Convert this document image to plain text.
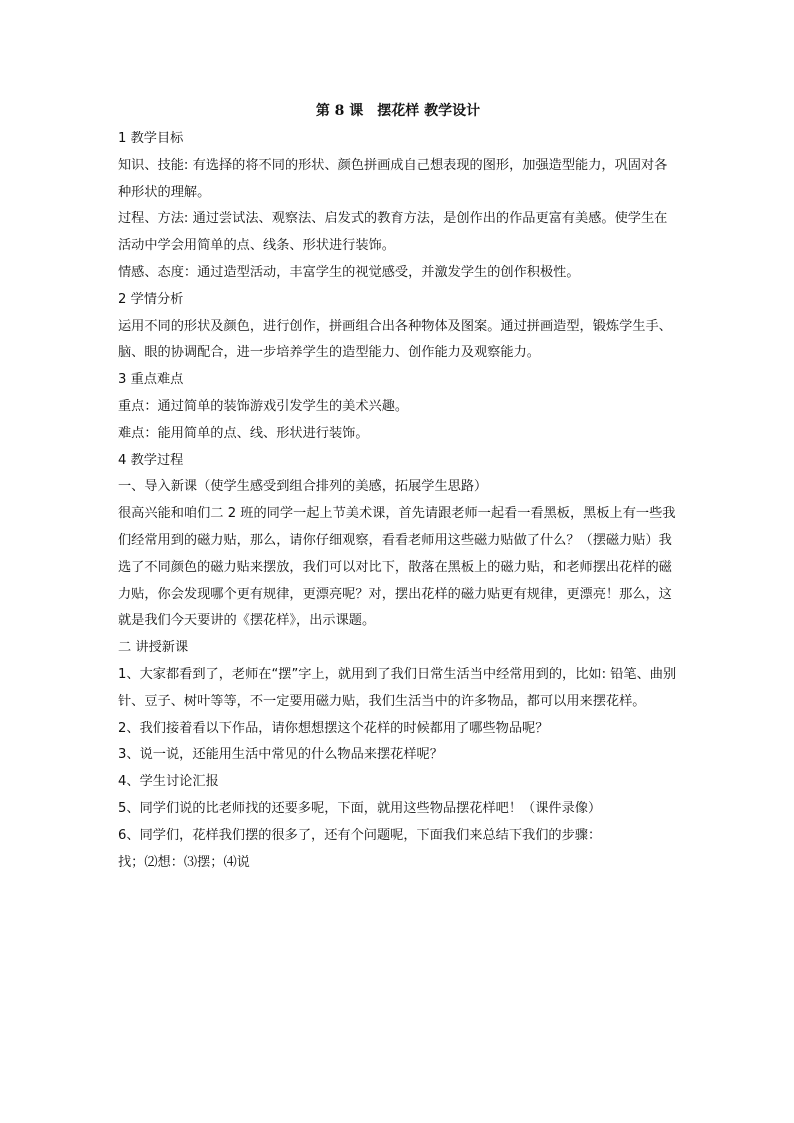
第 8 课　摆花样 教学设计

1 教学目标

知识、技能: 有选择的将不同的形状、颜色拼画成自己想表现的图形，加强造型能力，巩固对各种形状的理解。

过程、方法: 通过尝试法、观察法、启发式的教育方法，是创作出的作品更富有美感。使学生在活动中学会用简单的点、线条、形状进行装饰。

情感、态度：通过造型活动，丰富学生的视觉感受，并激发学生的创作积极性。

2 学情分析

运用不同的形状及颜色，进行创作，拼画组合出各种物体及图案。通过拼画造型，锻炼学生手、脑、眼的协调配合，进一步培养学生的造型能力、创作能力及观察能力。

3 重点难点

重点：通过简单的装饰游戏引发学生的美术兴趣。

难点：能用简单的点、线、形状进行装饰。

4 教学过程

一、导入新课（使学生感受到组合排列的美感，拓展学生思路）

很高兴能和咱们二 2 班的同学一起上节美术课，首先请跟老师一起看一看黑板，黑板上有一些我们经常用到的磁力贴，那么，请你仔细观察，看看老师用这些磁力贴做了什么？（摆磁力贴）我选了不同颜色的磁力贴来摆放，我们可以对比下，散落在黑板上的磁力贴，和老师摆出花样的磁力贴，你会发现哪个更有规律，更漂亮呢？对，摆出花样的磁力贴更有规律，更漂亮！那么，这就是我们今天要讲的《摆花样》，出示课题。

二 讲授新课

1、大家都看到了，老师在“摆”字上，就用到了我们日常生活当中经常用到的，比如: 铅笔、曲别针、豆子、树叶等等，不一定要用磁力贴，我们生活当中的许多物品，都可以用来摆花样。

2、我们接着看以下作品，请你想想摆这个花样的时候都用了哪些物品呢？

3、说一说，还能用生活中常见的什么物品来摆花样呢？

4、学生讨论汇报

5、同学们说的比老师找的还要多呢，下面，就用这些物品摆花样吧！（课件录像）

6、同学们，花样我们摆的很多了，还有个问题呢，下面我们来总结下我们的步骤：

找；⑵想：⑶摆；⑷说
